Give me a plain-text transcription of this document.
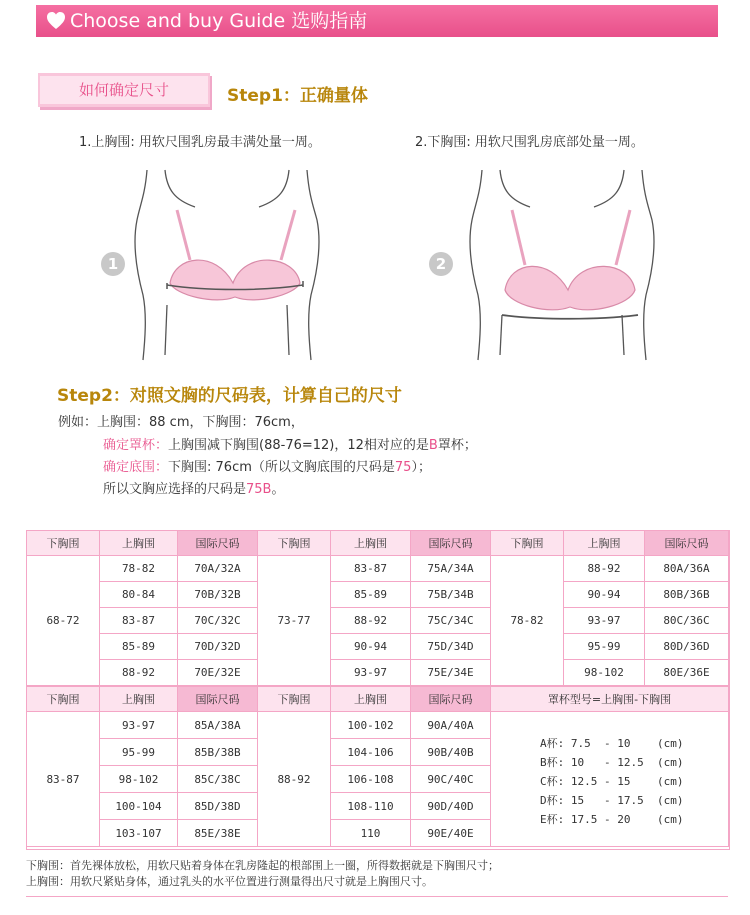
Choose and buy Guide 选购指南
如何确定尺寸	Step1：正确量体
1.上胸围: 用软尺围乳房最丰满处量一周。	2.下胸围: 用软尺围乳房底部处量一周。
1	2
Step2：对照文胸的尺码表，计算自己的尺寸
例如：上胸围：88 cm，下胸围：76cm，
确定罩杯：上胸围减下胸围(88-76=12)，12相对应的是B罩杯；
确定底围：下胸围: 76cm（所以文胸底围的尺码是75）；
所以文胸应选择的尺码是75B。
下胸围	上胸围	国际尺码	下胸围	上胸围	国际尺码	下胸围	上胸围	国际尺码
68-72	78-82	70A/32A	73-77	83-87	75A/34A	78-82	88-92	80A/36A
	80-84	70B/32B		85-89	75B/34B		90-94	80B/36B
	83-87	70C/32C		88-92	75C/34C		93-97	80C/36C
	85-89	70D/32D		90-94	75D/34D		95-99	80D/36D
	88-92	70E/32E		93-97	75E/34E		98-102	80E/36E
下胸围	上胸围	国际尺码	下胸围	上胸围	国际尺码	罩杯型号=上胸围-下胸围
83-87	93-97	85A/38A	88-92	100-102	90A/40A	
	95-99	85B/38B		104-106	90B/40B	
	98-102	85C/38C		106-108	90C/40C	
	100-104	85D/38D		108-110	90D/40D	
	103-107	85E/38E		110	90E/40E	
A杯: 7.5  - 10    (cm)
B杯: 10   - 12.5  (cm)
C杯: 12.5 - 15    (cm)
D杯: 15   - 17.5  (cm)
E杯: 17.5 - 20    (cm)
下胸围：首先裸体放松，用软尺贴着身体在乳房隆起的根部围上一圈，所得数据就是下胸围尺寸；
上胸围：用软尺紧贴身体，通过乳头的水平位置进行测量得出尺寸就是上胸围尺寸。
